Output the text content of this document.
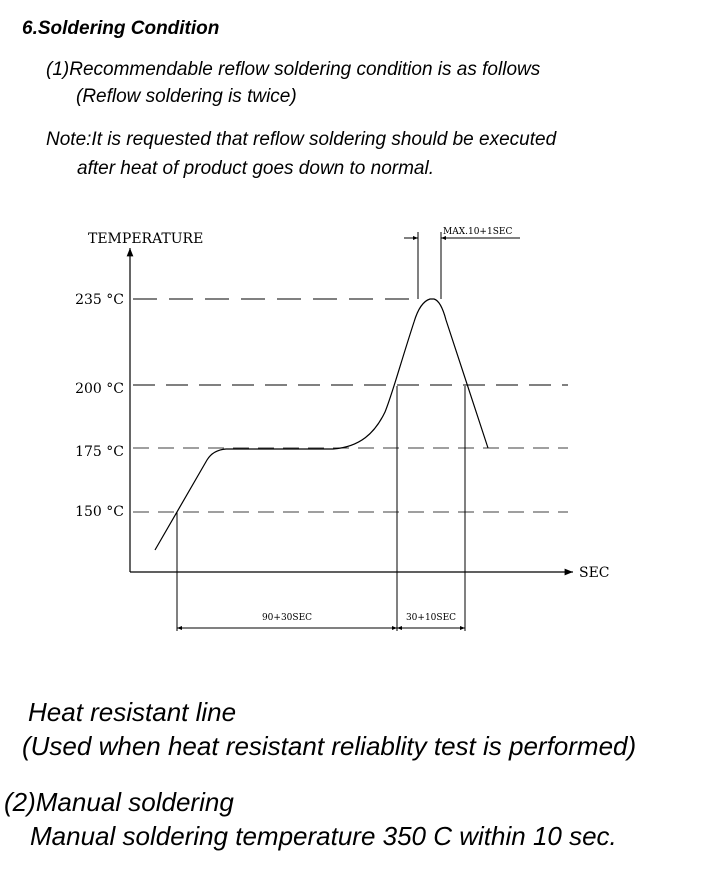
6.Soldering Condition
(1)Recommendable reflow soldering condition is as follows
(Reflow soldering is twice)
Note:It is requested that reflow soldering should be executed
after heat of product goes down to normal.
TEMPERATURE
SEC
235 °C
200 °C
175 °C
150 °C
MAX.10+1SEC
90+30SEC	30+10SEC
Heat resistant line
(Used when heat resistant reliablity test is performed)
(2)Manual soldering
Manual soldering temperature 350 C within 10 sec.
